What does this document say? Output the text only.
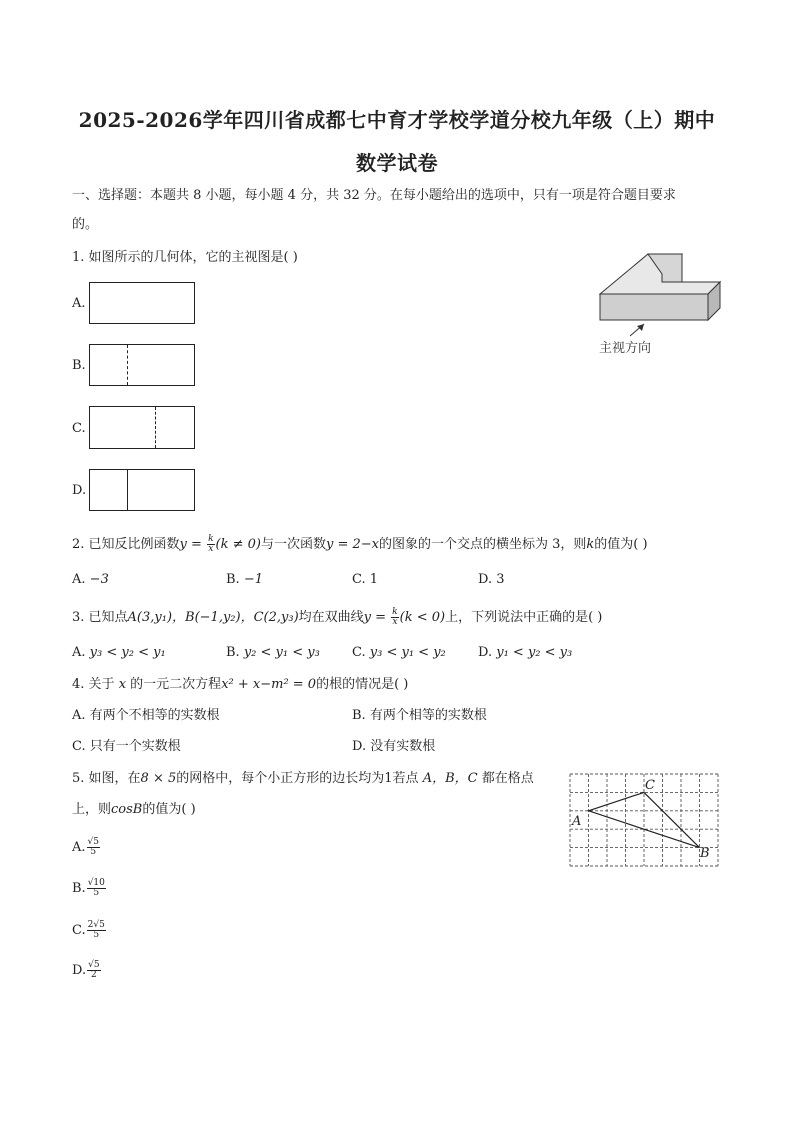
2025-2026学年四川省成都七中育才学校学道分校九年级（上）期中
数学试卷
一、选择题：本题共 8 小题，每小题 4 分，共 32 分。在每小题给出的选项中，只有一项是符合题目要求
的。
1. 如图所示的几何体，它的主视图是( )
A.
B.
C.
D.
主视方向
2. 已知反比例函数$y = \frac{k}{x} (k \ne 0)$与一次函数y = 2−x的图象的一个交点的横坐标为 3，则k的值为( )
A. −3	B. −1	C. 1	D. 3
3. 已知点A(3,y₁)，B(−1,y₂)，C(2,y₃)均在双曲线$y = \frac{k}{x} (k < 0)$上，下列说法中正确的是( )
A. y₃ < y₂ < y₁	B. y₂ < y₁ < y₃ C. y₃ < y₁ < y₂ D. y₁ < y₂ < y₃
4. 关于 x 的一元二次方程x² + x−m² = 0的根的情况是( )
A. 有两个不相等的实数根	B. 有两个相等的实数根
C. 只有一个实数根	D. 没有实数根
5. 如图，在8 × 5的网格中，每个小正方形的边长均为1若点 A，B，C 都在格点
上，则cosB的值为( )
A
B
C
A. $\frac{√5}{5}$
B. $\frac{√10}{5}$
C. $\frac{2√5}{5}$
D. $\frac{√5}{2}$
